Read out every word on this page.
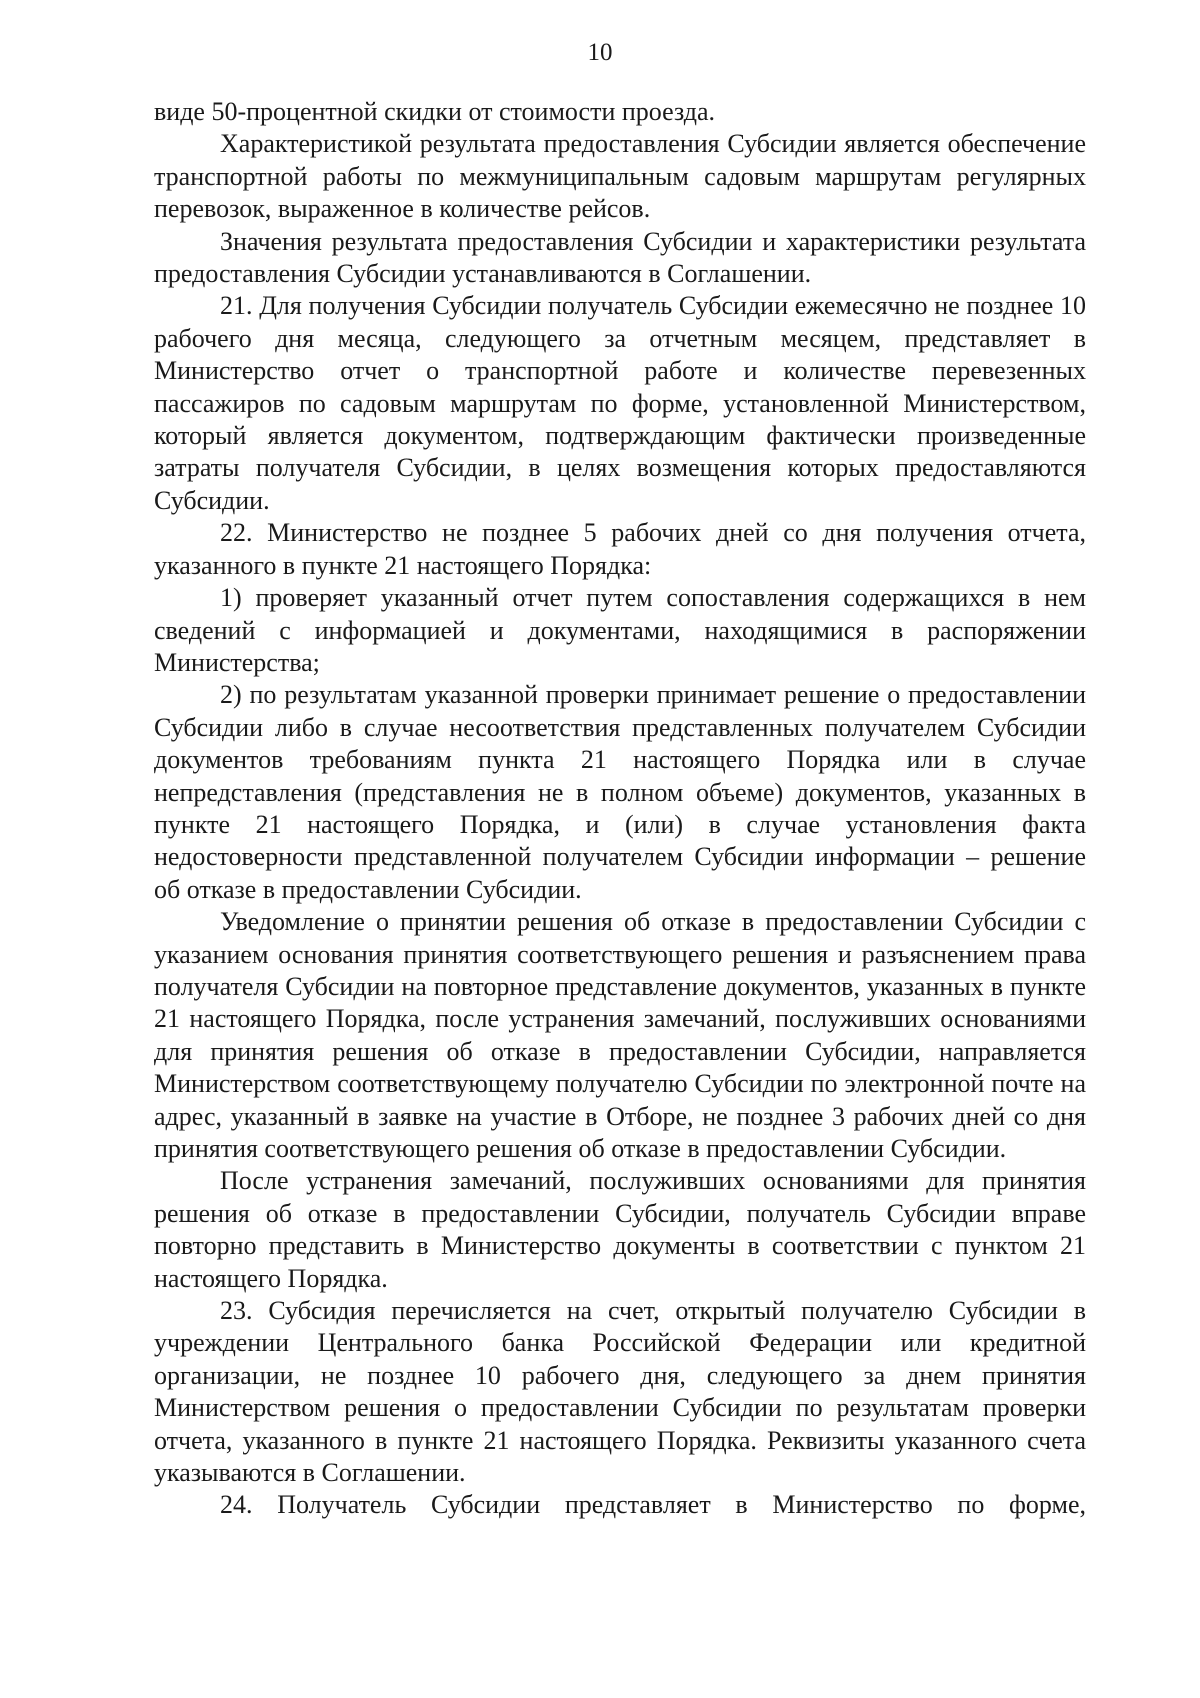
10

виде 50-процентной скидки от стоимости проезда.

Характеристикой результата предоставления Субсидии является обеспечение транспортной работы по межмуниципальным садовым маршрутам регулярных перевозок, выраженное в количестве рейсов.

Значения результата предоставления Субсидии и характеристики результата предоставления Субсидии устанавливаются в Соглашении.

21. Для получения Субсидии получатель Субсидии ежемесячно не позднее 10 рабочего дня месяца, следующего за отчетным месяцем, представляет в Министерство отчет о транспортной работе и количестве перевезенных пассажиров по садовым маршрутам по форме, установленной Министерством, который является документом, подтверждающим фактически произведенные затраты получателя Субсидии, в целях возмещения которых предоставляются Субсидии.

22. Министерство не позднее 5 рабочих дней со дня получения отчета, указанного в пункте 21 настоящего Порядка:

1) проверяет указанный отчет путем сопоставления содержащихся в нем сведений с информацией и документами, находящимися в распоряжении Министерства;

2) по результатам указанной проверки принимает решение о предоставлении Субсидии либо в случае несоответствия представленных получателем Субсидии документов требованиям пункта 21 настоящего Порядка или в случае непредставления (представления не в полном объеме) документов, указанных в пункте 21 настоящего Порядка, и (или) в случае установления факта недостоверности представленной получателем Субсидии информации – решение об отказе в предоставлении Субсидии.

Уведомление о принятии решения об отказе в предоставлении Субсидии с указанием основания принятия соответствующего решения и разъяснением права получателя Субсидии на повторное представление документов, указанных в пункте 21 настоящего Порядка, после устранения замечаний, послуживших основаниями для принятия решения об отказе в предоставлении Субсидии, направляется Министерством соответствующему получателю Субсидии по электронной почте на адрес, указанный в заявке на участие в Отборе, не позднее 3 рабочих дней со дня принятия соответствующего решения об отказе в предоставлении Субсидии.

После устранения замечаний, послуживших основаниями для принятия решения об отказе в предоставлении Субсидии, получатель Субсидии вправе повторно представить в Министерство документы в соответствии с пунктом 21 настоящего Порядка.

23. Субсидия перечисляется на счет, открытый получателю Субсидии в учреждении Центрального банка Российской Федерации или кредитной организации, не позднее 10 рабочего дня, следующего за днем принятия Министерством решения о предоставлении Субсидии по результатам проверки отчета, указанного в пункте 21 настоящего Порядка. Реквизиты указанного счета указываются в Соглашении.

24. Получатель Субсидии представляет в Министерство по форме,
